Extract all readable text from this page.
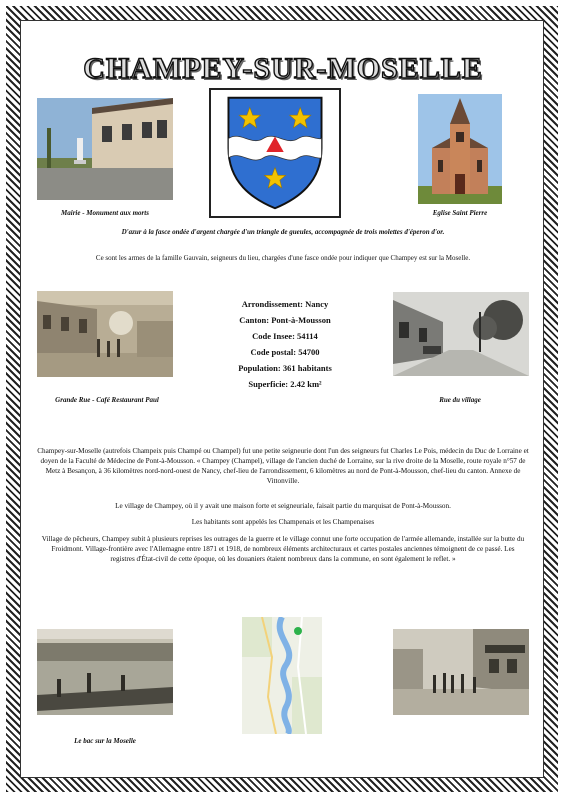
CHAMPEY-SUR-MOSELLE
Mairie - Monument aux morts	Eglise Saint Pierre
D'azur à la fasce ondée d'argent chargée d'un triangle de gueules, accompagnée de trois molettes d'éperon d'or.
Ce sont les armes de la famille Gauvain, seigneurs du lieu, chargées d'une fasce ondée pour indiquer que Champey est sur la Moselle.
Grande Rue - Café Restaurant Paul
Arrondissement: Nancy
Canton: Pont-à-Mousson
Code Insee: 54114
Code postal: 54700
Population: 361 habitants
Superficie: 2.42 km²
Rue du village
Champey-sur-Moselle (autrefois Champeix puis Champé ou Champel) fut une petite seigneurie dont l'un des seigneurs fut Charles Le Pois, médecin du Duc de Lorraine et doyen de la Faculté de Médecine de Pont-à-Mousson. « Champey (Champel), village de l'ancien duché de Lorraine, sur la rive droite de la Moselle, route royale n°57 de Metz à Besançon, à 36 kilomètres nord-nord-ouest de Nancy, chef-lieu de l'arrondissement, 6 kilomètres au nord de Pont-à-Mousson, chef-lieu du canton. Annexe de Vittonville.
Le village de Champey, où il y avait une maison forte et seigneuriale, faisait partie du marquisat de Pont-à-Mousson.
Les habitants sont appelés les Champenais et les Champenaises
Village de pêcheurs, Champey subit à plusieurs reprises les outrages de la guerre et le village connut une forte occupation de l'armée allemande, installée sur la butte du Froidmont. Village-frontière avec l'Allemagne entre 1871 et 1918, de nombreux éléments architecturaux et cartes postales anciennes témoignent de ce passé. Les registres d'État-civil de cette époque, où les douaniers étaient nombreux dans la commune, en sont également le reflet. »
Le bac sur la Moselle
